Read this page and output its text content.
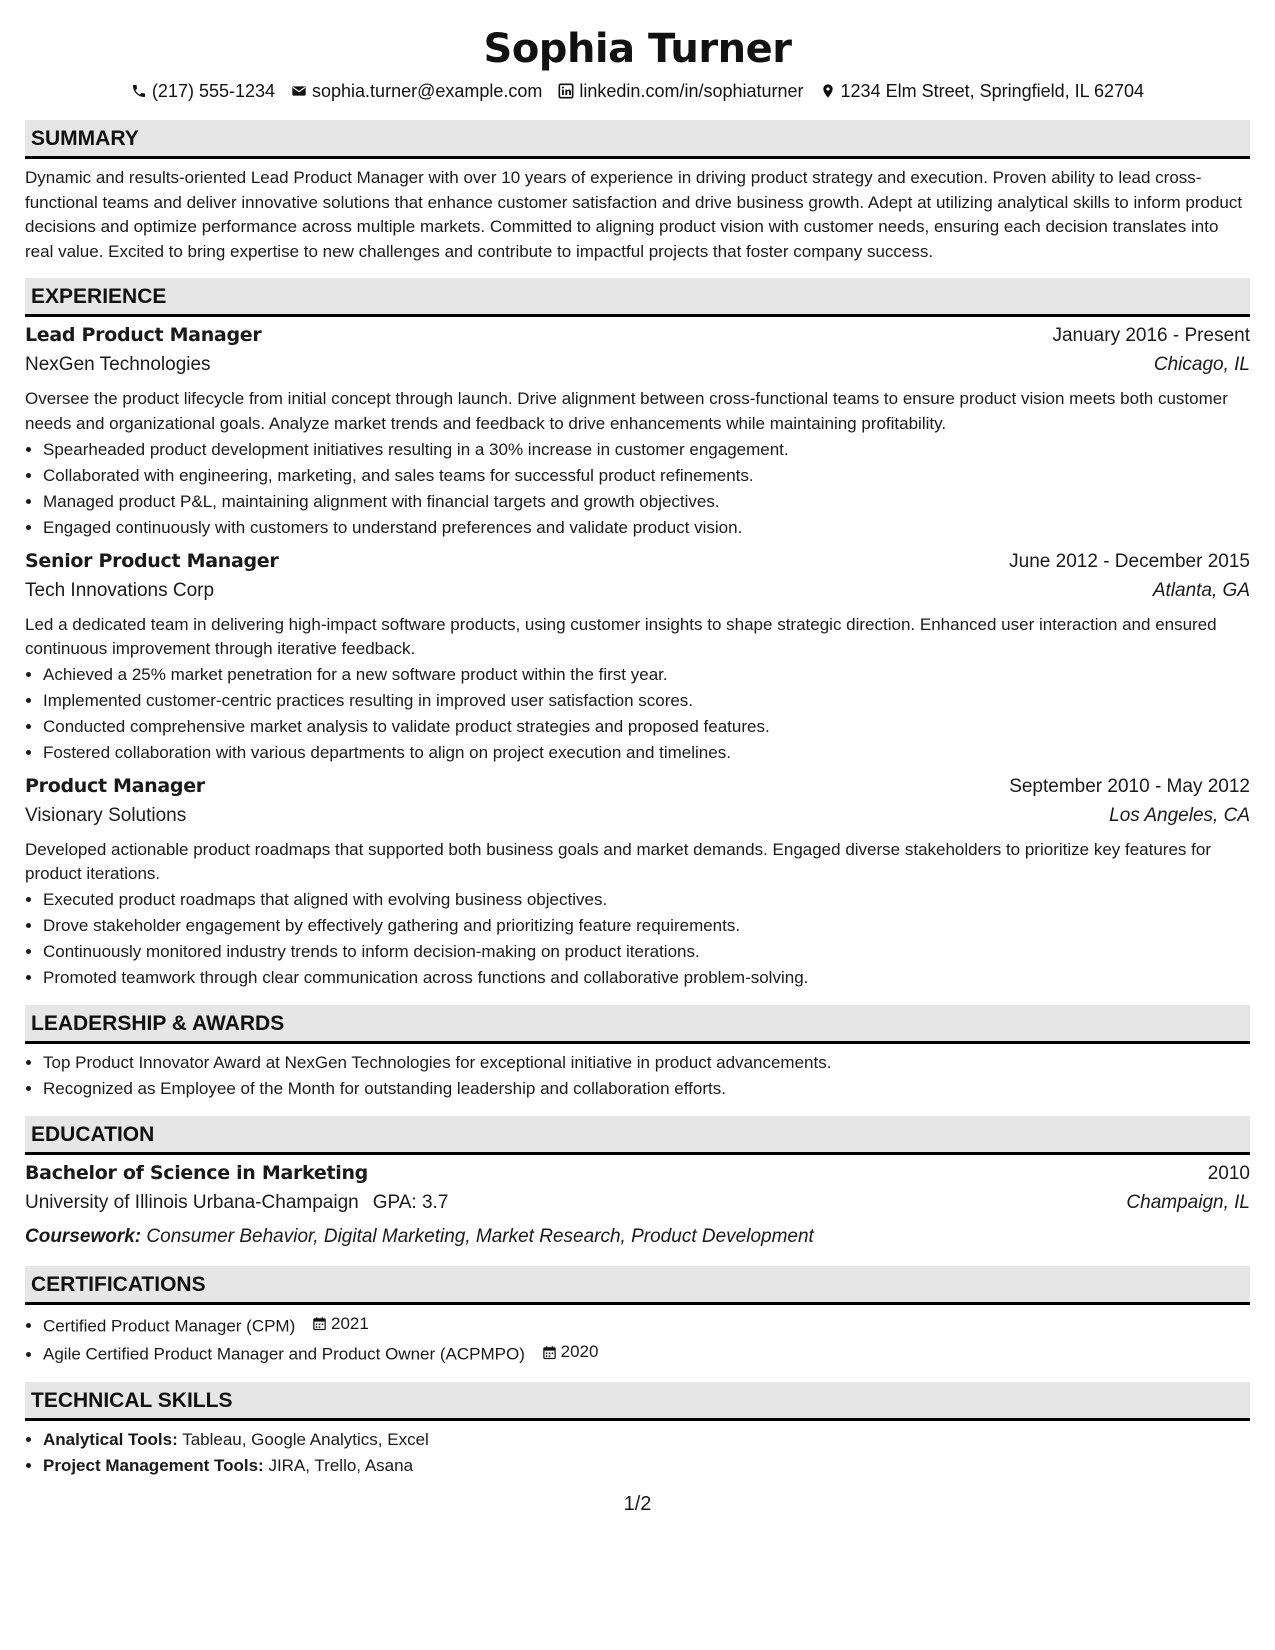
Sophia Turner
(217) 555-1234 sophia.turner@example.com linkedin.com/in/sophiaturner 1234 Elm Street, Springfield, IL 62704
SUMMARY

Dynamic and results-oriented Lead Product Manager with over 10 years of experience in driving product strategy and execution. Proven ability to lead cross-functional teams and deliver innovative solutions that enhance customer satisfaction and drive business growth. Adept at utilizing analytical skills to inform product decisions and optimize performance across multiple markets. Committed to aligning product vision with customer needs, ensuring each decision translates into real value. Excited to bring expertise to new challenges and contribute to impactful projects that foster company success.

EXPERIENCE
Lead Product Manager	January 2016 - Present
NexGen Technologies	Chicago, IL

Oversee the product lifecycle from initial concept through launch. Drive alignment between cross-functional teams to ensure product vision meets both customer needs and organizational goals. Analyze market trends and feedback to drive enhancements while maintaining profitability.

• Spearheaded product development initiatives resulting in a 30% increase in customer engagement.
• Collaborated with engineering, marketing, and sales teams for successful product refinements.
• Managed product P&L, maintaining alignment with financial targets and growth objectives.
• Engaged continuously with customers to understand preferences and validate product vision.
Senior Product Manager	June 2012 - December 2015
Tech Innovations Corp	Atlanta, GA

Led a dedicated team in delivering high-impact software products, using customer insights to shape strategic direction. Enhanced user interaction and ensured continuous improvement through iterative feedback.

• Achieved a 25% market penetration for a new software product within the first year.
• Implemented customer-centric practices resulting in improved user satisfaction scores.
• Conducted comprehensive market analysis to validate product strategies and proposed features.
• Fostered collaboration with various departments to align on project execution and timelines.
Product Manager	September 2010 - May 2012
Visionary Solutions	Los Angeles, CA

Developed actionable product roadmaps that supported both business goals and market demands. Engaged diverse stakeholders to prioritize key features for product iterations.

• Executed product roadmaps that aligned with evolving business objectives.
• Drove stakeholder engagement by effectively gathering and prioritizing feature requirements.
• Continuously monitored industry trends to inform decision-making on product iterations.
• Promoted teamwork through clear communication across functions and collaborative problem-solving.
LEADERSHIP & AWARDS
• Top Product Innovator Award at NexGen Technologies for exceptional initiative in product advancements.
• Recognized as Employee of the Month for outstanding leadership and collaboration efforts.
EDUCATION
Bachelor of Science in Marketing	2010
University of Illinois Urbana-Champaign GPA: 3.7	Champaign, IL
Coursework: Consumer Behavior, Digital Marketing, Market Research, Product Development
CERTIFICATIONS
• Certified Product Manager (CPM) 2021
• Agile Certified Product Manager and Product Owner (ACPMPO) 2020
TECHNICAL SKILLS
• Analytical Tools: Tableau, Google Analytics, Excel
• Project Management Tools: JIRA, Trello, Asana
1/2
